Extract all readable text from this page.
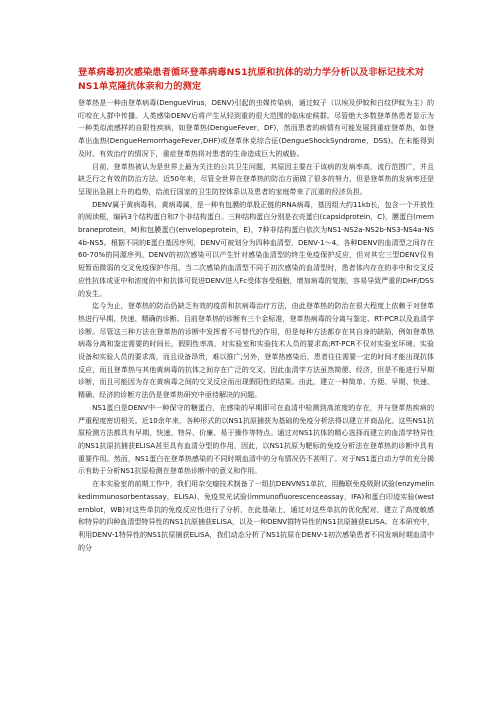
登革病毒初次感染患者循环登革病毒NS1抗原和抗体的动力学分析以及非标记技术对NS1单克隆抗体亲和力的测定

登革热是一种由登革病毒(DengueVirus，DENV)引起的虫媒传染病，通过蚊子（以埃及伊蚊和白纹伊蚊为主）的叮咬在人群中传播。人类感染DENV后将产生从轻到重的很大范围的临床症候群。尽管绝大多数登革热患者显示为一种类似流感样的自限性疾病，如登革热(DengueFever，DF)，然而患者的病情有可能发展到重症登革热，如登革出血热(DengueHemorrhageFever,DHF)或登革休克综合征(DengueShockSyndrome，DSS)。在未能得到及时、有效治疗的情况下，重症登革热将对患者的生命造成巨大的威胁。

目前，登革热被认为是世界上最为关注的公共卫生问题，其原因主要在于该病的发病率高，流行范围广，并且缺乏行之有效的防治方法。近50年来，尽管全世界在登革热的防治方面做了很多的努力，但是登革热的发病率还是呈现出急剧上升的趋势，给流行国家的卫生防控体系以及患者的家庭带来了沉重的经济负担。

DENV属于黄病毒科，黄病毒属，是一种有包膜的单股正链的RNA病毒，基因组大约11kb长，包含一个开放性的阅读框，编码3个结构蛋白和7个非结构蛋白。三种结构蛋白分别是衣壳蛋白(capsidprotein，C)，膜蛋白(membraneprotein，M)和包膜蛋白(envelopeprotein，E)，7种非结构蛋白依次为NS1-NS2a-NS2b-NS3-NS4a-NS4b-NS5。根据不同的E蛋白基因序列，DENV可被划分为四种血清型，DENV-1～4。各种DENV的血清型之间存在60-70%的同源序列。DENV的初次感染可以产生针对感染血清型的终生免疫保护反应，但对其它三型DENV仅有短暂而微弱的交叉免疫保护作用。当二次感染的血清型不同于初次感染的血清型时，患者体内存在的非中和交叉反应性抗体或亚中和浓度的中和抗体可促进DENV进入Fc受体容受细胞，增加病毒的复制，容易导致严重的DHF/DSS的发生。

迄今为止，登革热的防治仍缺乏有效的疫苗和抗病毒治疗方法，由此登革热的防治在很大程度上依赖于对登革热进行早期、快速、精确的诊断。目前登革热的诊断有三个金标准，登革热病毒的分离与鉴定、RT-PCR以及血清学诊断。尽管这三种方法在登革热的诊断中发挥着不可替代的作用，但是每种方法都存在其自身的缺陷，例如登革热病毒分离和鉴定需要的时间长，假阴性率高，对实验室和实验技术人员的要求高;RT-PCR不仅对实验室环境、实验设备和实验人员的要求高，而且设备昂贵，难以推广;另外，登革热感染后，患者往往需要一定的时间才能出现抗体反应，而且登革热与其他黄病毒的抗体之间存在广泛的交叉，因此血清学方法虽然简便、经济，但是不能进行早期诊断，而且可能因为存在黄病毒之间的交叉反应而出现假阳性的结果。由此，建立一种简单、方便、早期、快速、精确、经济的诊断方法仍是登革热研究中亟待解决的问题。

NS1蛋白是DENV中一种保守的糖蛋白，在感染的早期即可在血清中检测到高浓度的存在，并与登革热疾病的严重程度密切相关。近10余年来，各种形式的以NS1抗原捕获为基础的免疫分析法得以建立并商品化。这些NS1抗原检测方法都具有早期、快速、特异、价廉、易于操作等特点。通过对NS1抗体的精心选择而建立的血清学特异性的NS1抗原抗捕获ELISA甚至具有血清分型的作用，因此，以NS1抗原为靶标的免疫分析法在登革热的诊断中具有重要作用。然而，NS1蛋白在登革热感染的不同时期血清中的分布情况仍不甚明了。对于NS1蛋白动力学的充分揭示有助于分析NS1抗原检测在登革热诊断中的意义和作用。

在本实验室的前期工作中，我们用杂交瘤技术制备了一组抗DENVNS1单抗，用酶联免疫吸附试验(enzymelinkedimmunosorbentassay，ELISA)、免疫荧光试验(immunofluorescenceassay，IFA)和蛋白印迹实验(westernblot，WB)对这些单抗的免疫反应性进行了分析，在此基础上，通过对这些单抗的优化配对，建立了高度敏感和特异的四种血清型特异性的NS1抗原捕获ELISA，以及一种DENV群特异性的NS1抗原捕获ELISA。在本研究中，利用DENV-1特异性的NS1抗原捕获ELISA，我们动态分析了NS1抗原在DENV-1初次感染患者不同发病时期血清中的分
